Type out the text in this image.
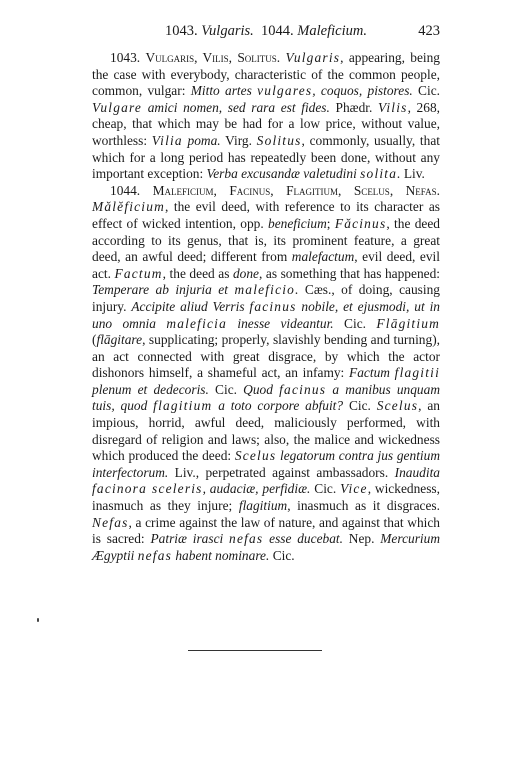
1043. Vulgaris. 1044. Maleficium.	423

1043. Vulgaris, Vilis, Solitus. Vulgaris, appearing, being the case with everybody, characteristic of the common people, common, vulgar: Mitto artes vulgares, coquos, pistores. Cic. Vulgare amici nomen, sed rara est fides. Phædr. Vilis, 268, cheap, that which may be had for a low price, without value, worthless: Vilia poma. Virg. Solitus, commonly, usually, that which for a long period has repeatedly been done, without any important exception: Verba excusandæ valetudini solita. Liv.

1044. Maleficium, Facinus, Flagitium, Scelus, Nefas. Mălĕficium, the evil deed, with reference to its character as effect of wicked intention, opp. beneficium; Făcinus, the deed according to its genus, that is, its prominent feature, a great deed, an awful deed; different from malefactum, evil deed, evil act. Factum, the deed as done, as something that has happened: Temperare ab injuria et maleficio. Cæs., of doing, causing injury. Accipite aliud Verris facinus nobile, et ejusmodi, ut in uno omnia maleficia inesse videantur. Cic. Flāgitium (flāgitare, supplicating; properly, slavishly bending and turning), an act connected with great disgrace, by which the actor dishonors himself, a shameful act, an infamy: Factum flagitii plenum et dedecoris. Cic. Quod facinus a manibus unquam tuis, quod flagitium a toto corpore abfuit? Cic. Scelus, an impious, horrid, awful deed, maliciously performed, with disregard of religion and laws; also, the malice and wickedness which produced the deed: Scelus legatorum contra jus gentium interfectorum. Liv., perpetrated against ambassadors. Inaudita facinora sceleris, audaciæ, perfidiæ. Cic. Vice, wickedness, inasmuch as they injure; flagitium, inasmuch as it disgraces. Nefas, a crime against the law of nature, and against that which is sacred: Patriæ irasci nefas esse ducebat. Nep. Mercurium Ægyptii nefas habent nominare. Cic.
